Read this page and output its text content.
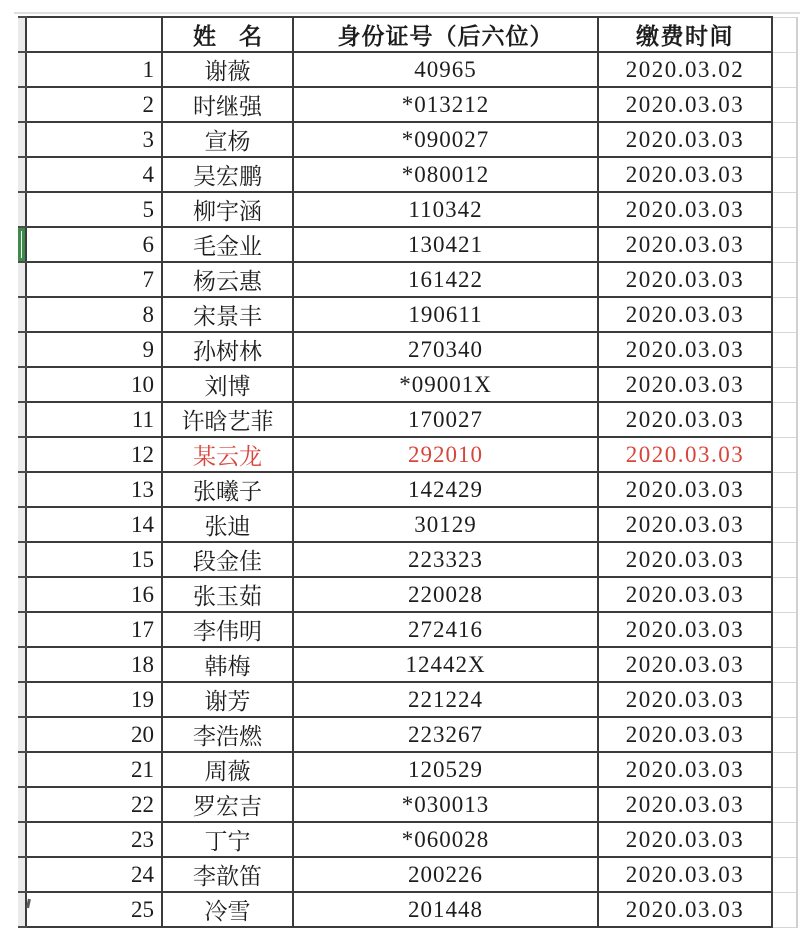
		姓　名	身份证号（后六位）	缴费时间	
	1	谢薇	40965	2020.03.02	
	2	时继强	*013212	2020.03.03	
	3	宣杨	*090027	2020.03.03	
	4	吴宏鹏	*080012	2020.03.03	
	5	柳宇涵	110342	2020.03.03	
	6	毛金业	130421	2020.03.03	
	7	杨云惠	161422	2020.03.03	
	8	宋景丰	190611	2020.03.03	
	9	孙树林	270340	2020.03.03	
	10	刘博	*09001X	2020.03.03	
	11	许晗艺菲	170027	2020.03.03	
	12	某云龙	292010	2020.03.03	
	13	张曦子	142429	2020.03.03	
	14	张迪	30129	2020.03.03	
	15	段金佳	223323	2020.03.03	
	16	张玉茹	220028	2020.03.03	
	17	李伟明	272416	2020.03.03	
	18	韩梅	12442X	2020.03.03	
	19	谢芳	221224	2020.03.03	
	20	李浩燃	223267	2020.03.03	
	21	周薇	120529	2020.03.03	
	22	罗宏吉	*030013	2020.03.03	
	23	丁宁	*060028	2020.03.03	
	24	李歆笛	200226	2020.03.03	
	25	冷雪	201448	2020.03.03	
